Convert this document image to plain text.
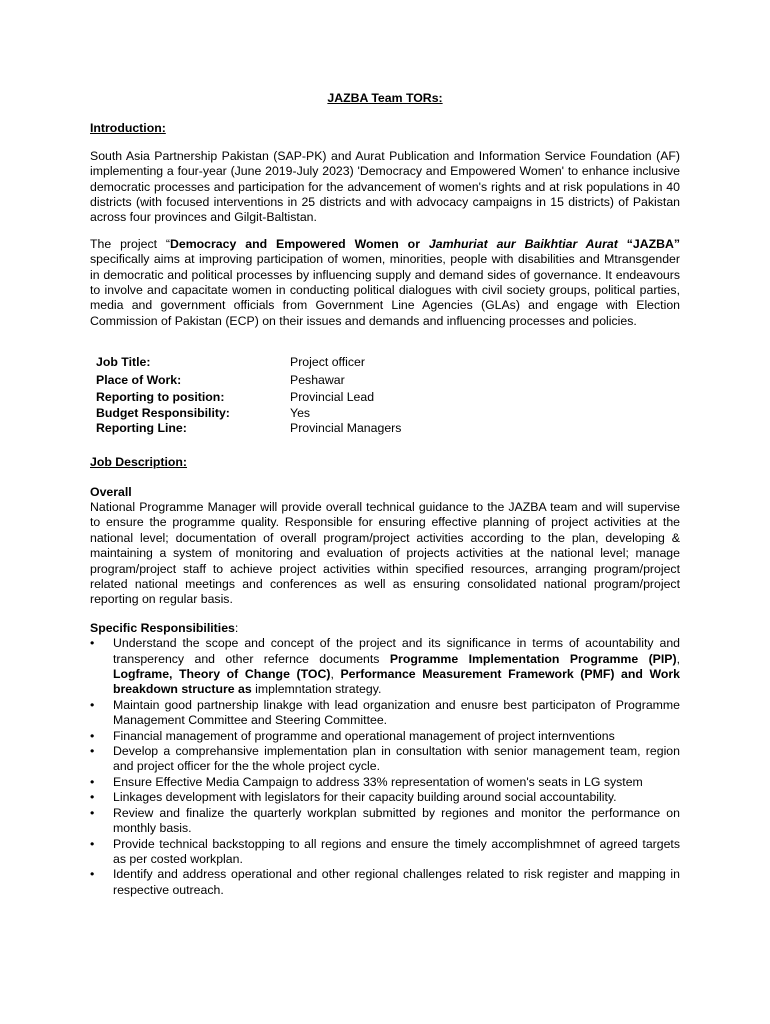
JAZBA Team TORs:

Introduction:

South Asia Partnership Pakistan (SAP-PK) and Aurat Publication and Information Service Foundation (AF) implementing a four-year (June 2019-July 2023) 'Democracy and Empowered Women' to enhance inclusive democratic processes and participation for the advancement of women's rights and at risk populations in 40 districts (with focused interventions in 25 districts and with advocacy campaigns in 15 districts) of Pakistan across four provinces and Gilgit-Baltistan.

The project “Democracy and Empowered Women or Jamhuriat aur Baikhtiar Aurat “JAZBA” specifically aims at improving participation of women, minorities, people with disabilities and Mtransgender in democratic and political processes by influencing supply and demand sides of governance. It endeavours to involve and capacitate women in conducting political dialogues with civil society groups, political parties, media and government officials from Government Line Agencies (GLAs) and engage with Election Commission of Pakistan (ECP) on their issues and demands and influencing processes and policies.

Job Title:	Project officer
Place of Work:	Peshawar
Reporting to position:	Provincial Lead
Budget Responsibility:	Yes
Reporting Line:	Provincial Managers
Job Description:

Overall

National Programme Manager will provide overall technical guidance to the JAZBA team and will supervise to ensure the programme quality. Responsible for ensuring effective planning of project activities at the national level; documentation of overall program/project activities according to the plan, developing & maintaining a system of monitoring and evaluation of projects activities at the national level; manage program/project staff to achieve project activities within specified resources, arranging program/project related national meetings and conferences as well as ensuring consolidated national program/project reporting on regular basis.

Specific Responsibilities:

• Understand the scope and concept of the project and its significance in terms of acountability and transperency and other refernce documents Programme Implementation Programme (PIP), Logframe, Theory of Change (TOC), Performance Measurement Framework (PMF) and Work breakdown structure as implemntation strategy.
• Maintain good partnership linakge with lead organization and enusre best participaton of Programme Management Committee and Steering Committee.
• Financial management of programme and operational management of project internventions
• Develop a comprehansive implementation plan in consultation with senior management team, region and project officer for the the whole project cycle.
• Ensure Effective Media Campaign to address 33% representation of women's seats in LG system
• Linkages development with legislators for their capacity building around social accountability.
• Review and finalize the quarterly workplan submitted by regiones and monitor the performance on monthly basis.
• Provide technical backstopping to all regions and ensure the timely accomplishmnet of agreed targets as per costed workplan.
• Identify and address operational and other regional challenges related to risk register and mapping in respective outreach.
